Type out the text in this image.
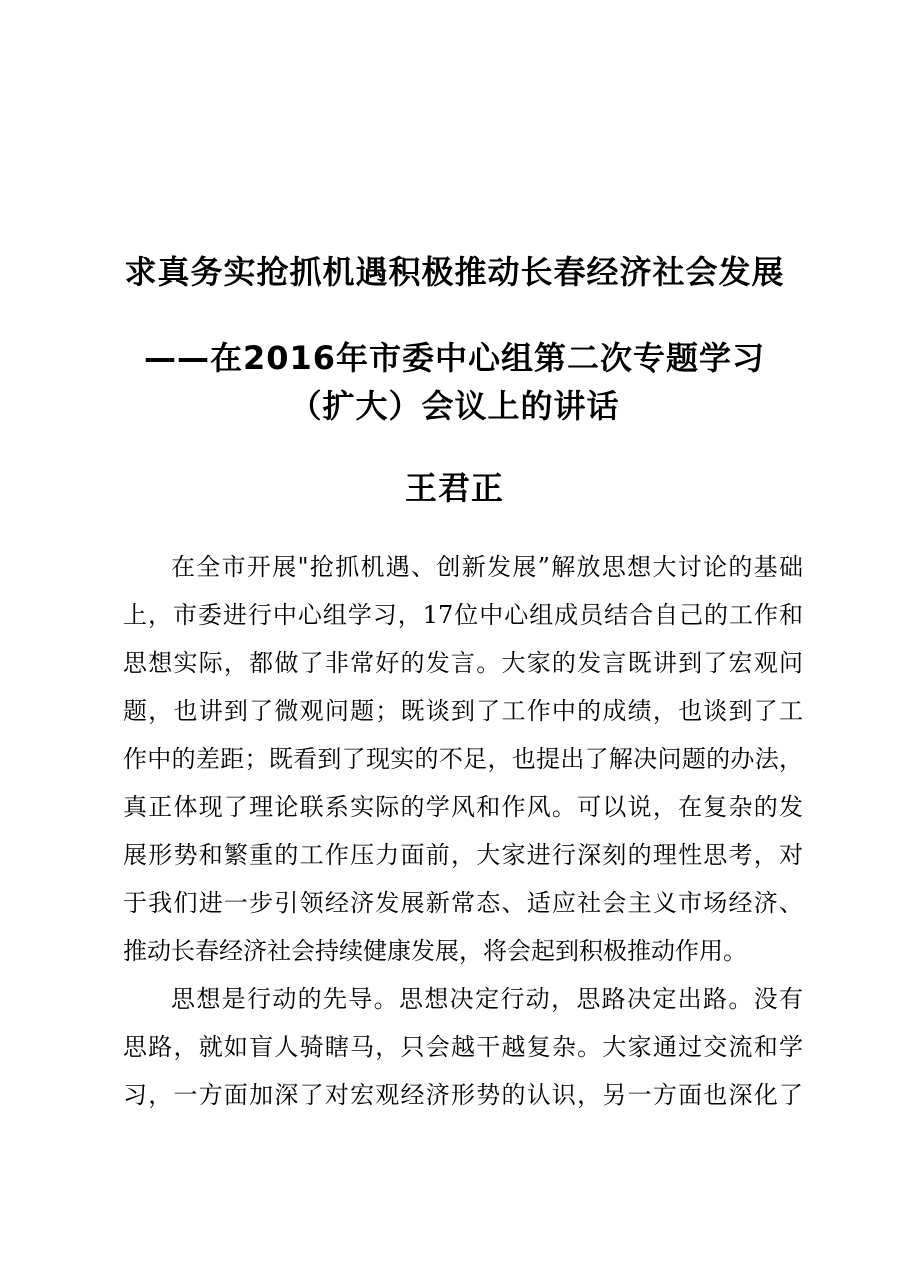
求真务实抢抓机遇积极推动长春经济社会发展
——在2016年市委中心组第二次专题学习
（扩大）会议上的讲话
王君正
在全市开展"抢抓机遇、创新发展”解放思想大讨论的基础
上，市委进行中心组学习，17位中心组成员结合自己的工作和
思想实际，都做了非常好的发言。大家的发言既讲到了宏观问
题，也讲到了微观问题；既谈到了工作中的成绩，也谈到了工
作中的差距；既看到了现实的不足，也提出了解决问题的办法，
真正体现了理论联系实际的学风和作风。可以说，在复杂的发
展形势和繁重的工作压力面前，大家进行深刻的理性思考，对
于我们进一步引领经济发展新常态、适应社会主义市场经济、
推动长春经济社会持续健康发展，将会起到积极推动作用。
思想是行动的先导。思想决定行动，思路决定出路。没有
思路，就如盲人骑瞎马，只会越干越复杂。大家通过交流和学
习，一方面加深了对宏观经济形势的认识，另一方面也深化了
